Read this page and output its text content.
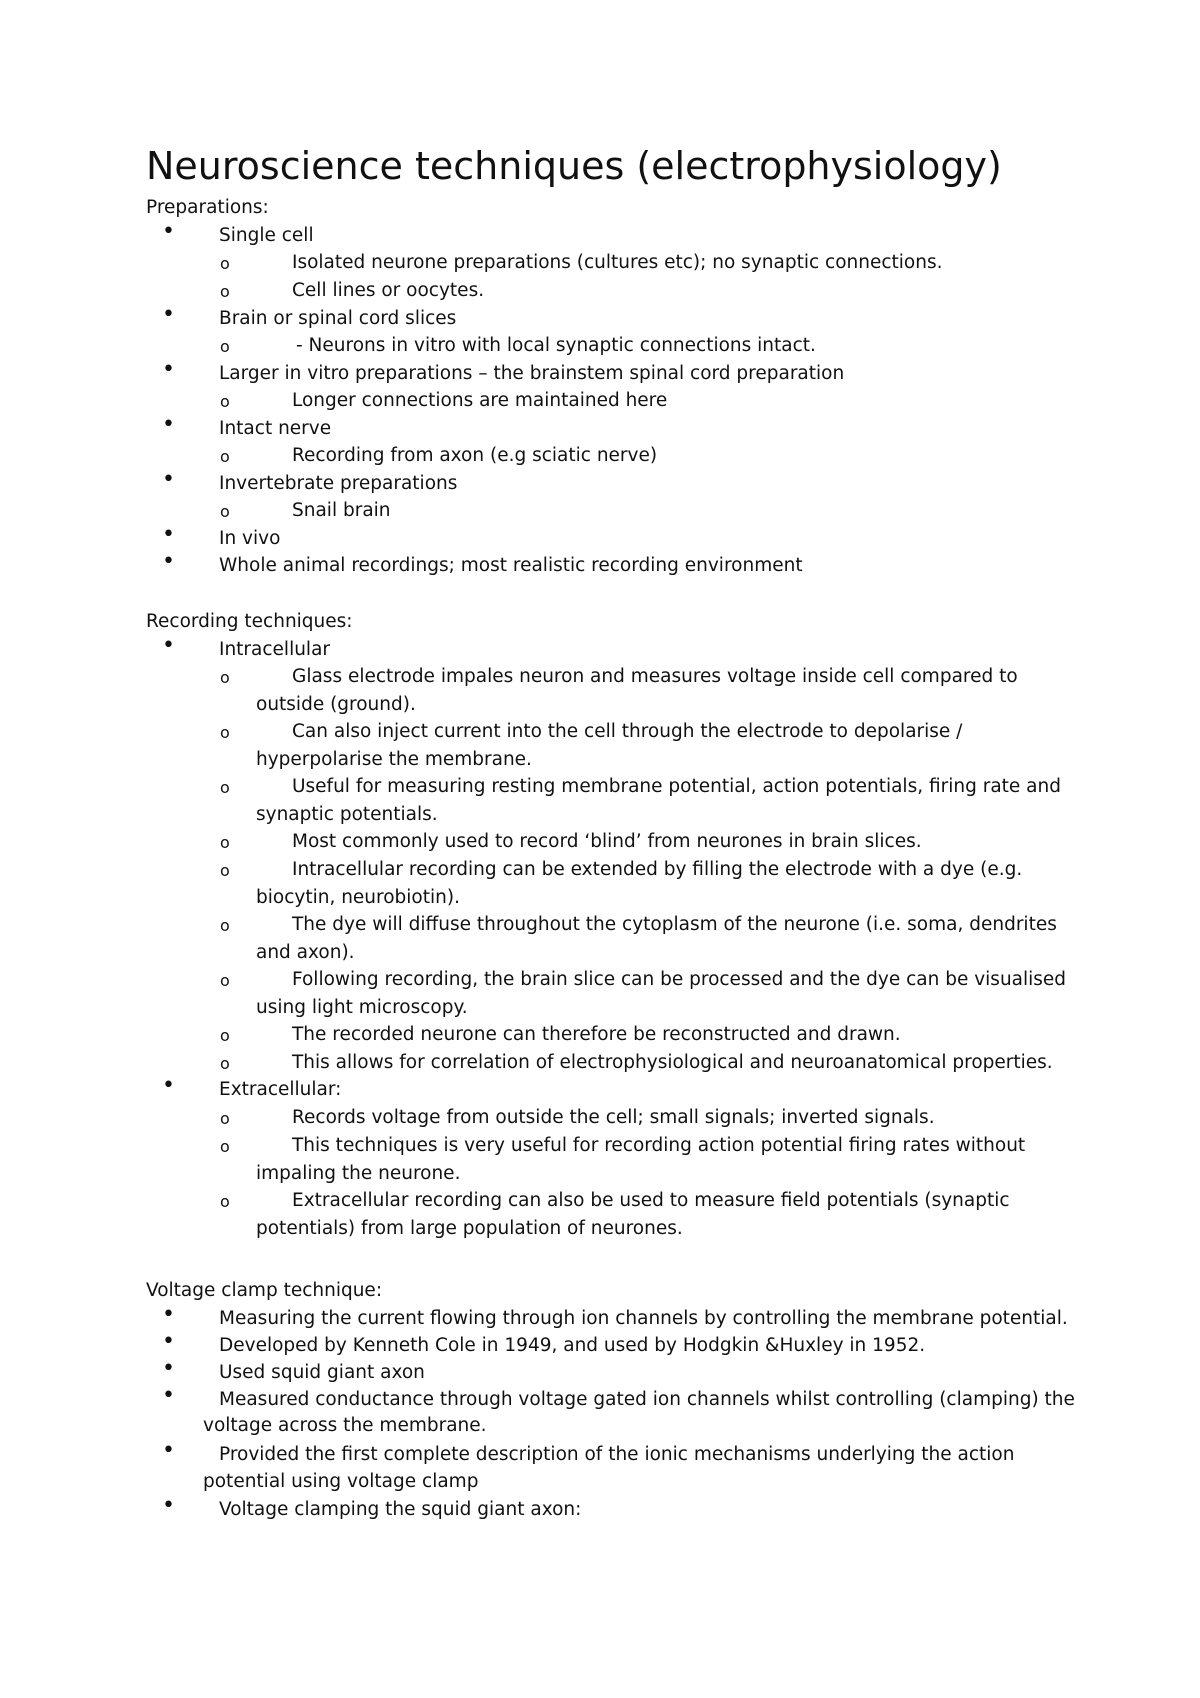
Neuroscience techniques (electrophysiology)
Preparations:
• Single cell
o	Isolated neurone preparations (cultures etc); no synaptic connections.
o	Cell lines or oocytes.
• Brain or spinal cord slices
o	- Neurons in vitro with local synaptic connections intact.
• Larger in vitro preparations – the brainstem spinal cord preparation
o	Longer connections are maintained here
• Intact nerve
o	Recording from axon (e.g sciatic nerve)
• Invertebrate preparations
o	Snail brain
• In vivo
• Whole animal recordings; most realistic recording environment
Recording techniques:
• Intracellular
o	Glass electrode impales neuron and measures voltage inside cell compared to
outside (ground).
o	Can also inject current into the cell through the electrode to depolarise /
hyperpolarise the membrane.
o	Useful for measuring resting membrane potential, action potentials, firing rate and
synaptic potentials.
o	Most commonly used to record ‘blind’ from neurones in brain slices.
o	Intracellular recording can be extended by filling the electrode with a dye (e.g.
biocytin, neurobiotin).
o	The dye will diffuse throughout the cytoplasm of the neurone (i.e. soma, dendrites
and axon).
o	Following recording, the brain slice can be processed and the dye can be visualised
using light microscopy.
o	The recorded neurone can therefore be reconstructed and drawn.
o	This allows for correlation of electrophysiological and neuroanatomical properties.
• Extracellular:
o	Records voltage from outside the cell; small signals; inverted signals.
o	This techniques is very useful for recording action potential firing rates without
impaling the neurone.
o	Extracellular recording can also be used to measure field potentials (synaptic
potentials) from large population of neurones.
Voltage clamp technique:
• Measuring the current flowing through ion channels by controlling the membrane potential.
• Developed by Kenneth Cole in 1949, and used by Hodgkin &Huxley in 1952.
• Used squid giant axon
• Measured conductance through voltage gated ion channels whilst controlling (clamping) the
voltage across the membrane.
• Provided the first complete description of the ionic mechanisms underlying the action
potential using voltage clamp
• Voltage clamping the squid giant axon:
